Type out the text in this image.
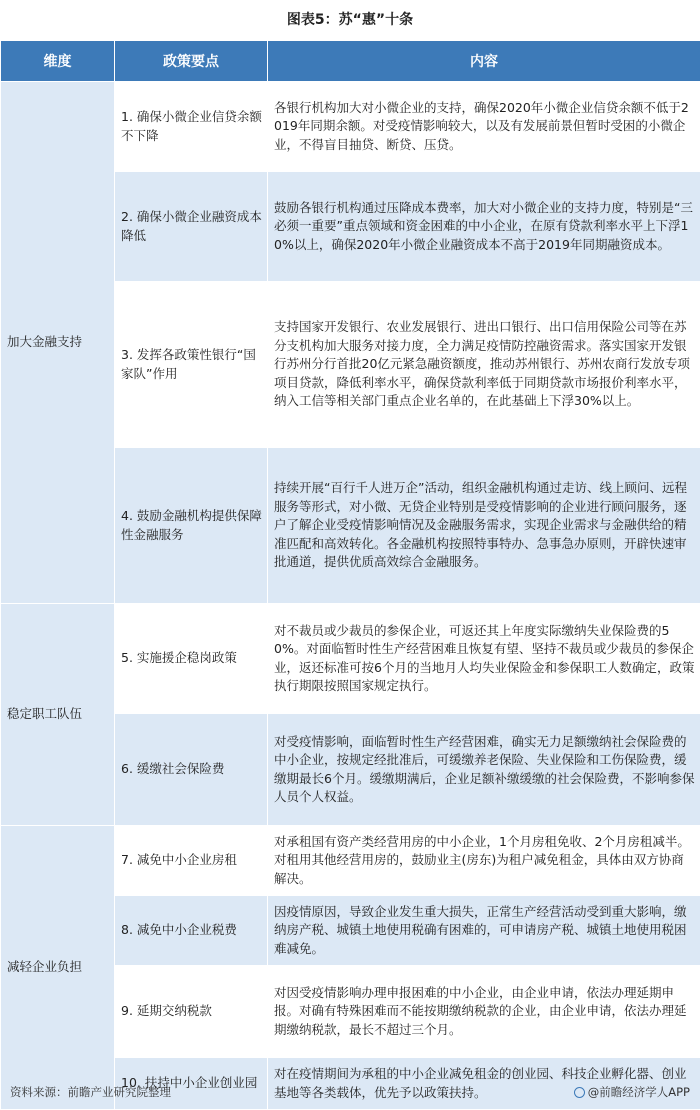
图表5：苏“惠”十条
维度	政策要点	内容
加大金融支持	1. 确保小微企业信贷余额不下降	各银行机构加大对小微企业的支持，确保2020年小微企业信贷余额不低于2019年同期余额。对受疫情影响较大，以及有发展前景但暂时受困的小微企业，不得盲目抽贷、断贷、压贷。
	2. 确保小微企业融资成本降低	鼓励各银行机构通过压降成本费率，加大对小微企业的支持力度，特别是“三必须一重要”重点领域和资金困难的中小企业，在原有贷款利率水平上下浮10%以上，确保2020年小微企业融资成本不高于2019年同期融资成本。
	3. 发挥各政策性银行“国家队”作用	支持国家开发银行、农业发展银行、进出口银行、出口信用保险公司等在苏分支机构加大服务对接力度，全力满足疫情防控融资需求。落实国家开发银行苏州分行首批20亿元紧急融资额度，推动苏州银行、苏州农商行发放专项项目贷款，降低利率水平，确保贷款利率低于同期贷款市场报价利率水平，纳入工信等相关部门重点企业名单的，在此基础上下浮30%以上。
	4. 鼓励金融机构提供保障性金融服务	持续开展“百行千人进万企”活动，组织金融机构通过走访、线上顾问、远程服务等形式，对小微、无贷企业特别是受疫情影响的企业进行顾问服务，逐户了解企业受疫情影响情况及金融服务需求，实现企业需求与金融供给的精准匹配和高效转化。各金融机构按照特事特办、急事急办原则，开辟快速审批通道，提供优质高效综合金融服务。
稳定职工队伍	5. 实施援企稳岗政策	对不裁员或少裁员的参保企业，可返还其上年度实际缴纳失业保险费的50%。对面临暂时性生产经营困难且恢复有望、坚持不裁员或少裁员的参保企业，返还标准可按6个月的当地月人均失业保险金和参保职工人数确定，政策执行期限按照国家规定执行。
	6. 缓缴社会保险费	对受疫情影响，面临暂时性生产经营困难，确实无力足额缴纳社会保险费的中小企业，按规定经批准后，可缓缴养老保险、失业保险和工伤保险费，缓缴期最长6个月。缓缴期满后，企业足额补缴缓缴的社会保险费，不影响参保人员个人权益。
减轻企业负担	7. 减免中小企业房租	对承租国有资产类经营用房的中小企业，1个月房租免收、2个月房租减半。对租用其他经营用房的，鼓励业主(房东)为租户减免租金，具体由双方协商解决。
	8. 减免中小企业税费	因疫情原因，导致企业发生重大损失，正常生产经营活动受到重大影响，缴纳房产税、城镇土地使用税确有困难的，可申请房产税、城镇土地使用税困难减免。
	9. 延期交纳税款	对因受疫情影响办理申报困难的中小企业，由企业申请，依法办理延期申报。对确有特殊困难而不能按期缴纳税款的企业，由企业申请，依法办理延期缴纳税款，最长不超过三个月。
	10. 扶持中小企业创业园	对在疫情期间为承租的中小企业减免租金的创业园、科技企业孵化器、创业基地等各类载体，优先予以政策扶持。
资料来源：前瞻产业研究院整理	@前瞻经济学人APP
